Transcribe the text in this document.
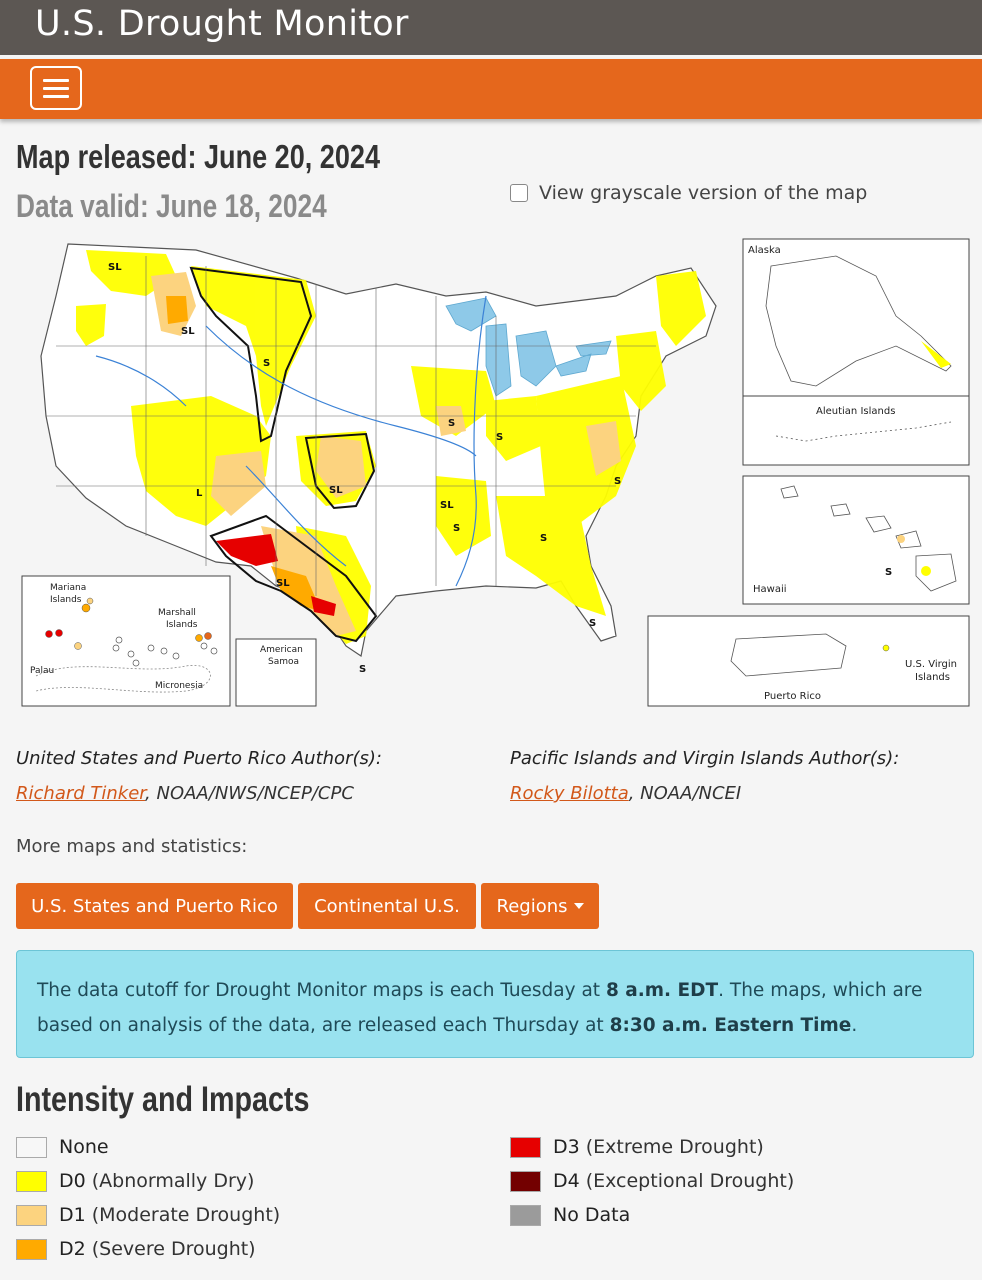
U.S. Drought Monitor
Map released: June 20, 2024
Data valid: June 18, 2024	View grayscale version of the map
SL
SL
S
SL
L
S
S
SL
S
S
S
SL
S
S
Alaska
Aleutian Islands
S
Hawaii
Puerto Rico
U.S. Virgin
Islands
Mariana
Islands
Marshall
Islands
Palau
Micronesia
American
Samoa
United States and Puerto Rico Author(s):
Richard Tinker, NOAA/NWS/NCEP/CPC
Pacific Islands and Virgin Islands Author(s):
Rocky Bilotta, NOAA/NCEI
More maps and statistics:
U.S. States and Puerto Rico	Continental U.S.	Regions
The data cutoff for Drought Monitor maps is each Tuesday at 8 a.m. EDT. The maps, which are based on analysis of the data, are released each Thursday at 8:30 a.m. Eastern Time.
Intensity and Impacts
None
D0 (Abnormally Dry)
D1 (Moderate Drought)
D2 (Severe Drought)
D3 (Extreme Drought)
D4 (Exceptional Drought)
No Data
